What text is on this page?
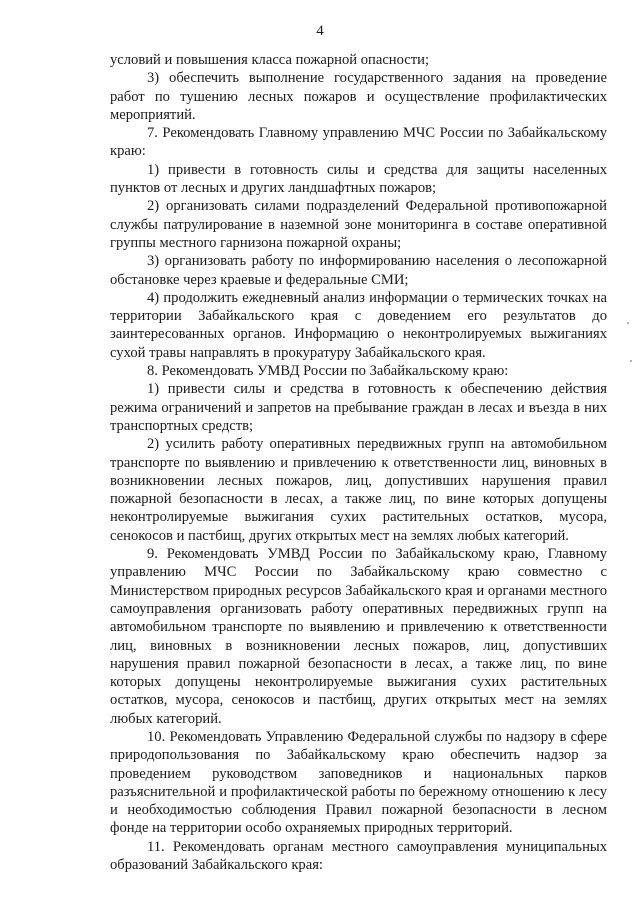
4

условий и повышения класса пожарной опасности;

3) обеспечить выполнение государственного задания на проведение работ по тушению лесных пожаров и осуществление профилактических мероприятий.

7. Рекомендовать Главному управлению МЧС России по Забайкальскому краю:

1) привести в готовность силы и средства для защиты населенных пунктов от лесных и других ландшафтных пожаров;

2) организовать силами подразделений Федеральной противопожарной службы патрулирование в наземной зоне мониторинга в составе оперативной группы местного гарнизона пожарной охраны;

3) организовать работу по информированию населения о лесопожарной обстановке через краевые и федеральные СМИ;

4) продолжить ежедневный анализ информации о термических точках на территории Забайкальского края с доведением его результатов до заинтересованных органов. Информацию о неконтролируемых выжиганиях сухой травы направлять в прокуратуру Забайкальского края.

8. Рекомендовать УМВД России по Забайкальскому краю:

1) привести силы и средства в готовность к обеспечению действия режима ограничений и запретов на пребывание граждан в лесах и въезда в них транспортных средств;

2) усилить работу оперативных передвижных групп на автомобильном транспорте по выявлению и привлечению к ответственности лиц, виновных в возникновении лесных пожаров, лиц, допустивших нарушения правил пожарной безопасности в лесах, а также лиц, по вине которых допущены неконтролируемые выжигания сухих растительных остатков, мусора, сенокосов и пастбищ, других открытых мест на землях любых категорий.

9. Рекомендовать УМВД России по Забайкальскому краю, Главному управлению МЧС России по Забайкальскому краю совместно с Министерством природных ресурсов Забайкальского края и органами местного самоуправления организовать работу оперативных передвижных групп на автомобильном транспорте по выявлению и привлечению к ответственности лиц, виновных в возникновении лесных пожаров, лиц, допустивших нарушения правил пожарной безопасности в лесах, а также лиц, по вине которых допущены неконтролируемые выжигания сухих растительных остатков, мусора, сенокосов и пастбищ, других открытых мест на землях любых категорий.

10. Рекомендовать Управлению Федеральной службы по надзору в сфере природопользования по Забайкальскому краю обеспечить надзор за проведением руководством заповедников и национальных парков разъяснительной и профилактической работы по бережному отношению к лесу и необходимостью соблюдения Правил пожарной безопасности в лесном фонде на территории особо охраняемых природных территорий.

11. Рекомендовать органам местного самоуправления муниципальных образований Забайкальского края:
